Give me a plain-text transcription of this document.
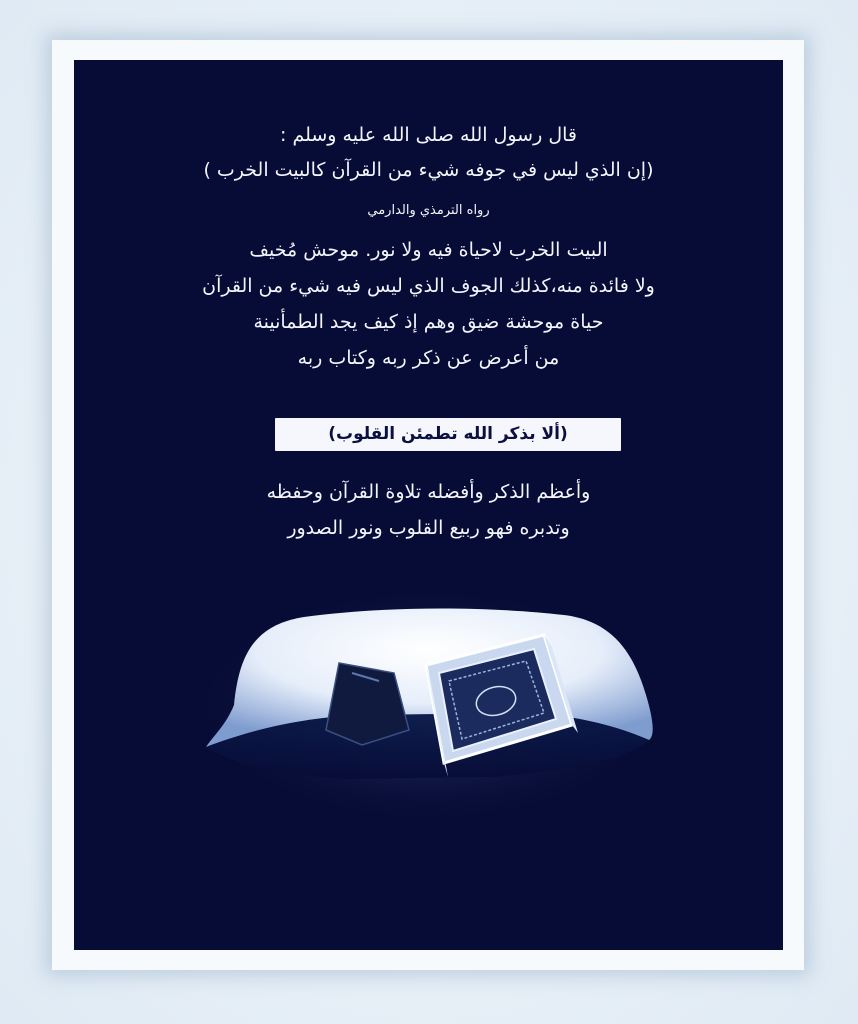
قال رسول الله صلى الله عليه وسلم :
(إن الذي ليس في جوفه شيء من القرآن كالبيت الخرب )
رواه الترمذي والدارمي
البيت الخرب لاحياة فيه ولا نور. موحش مُخيف
ولا فائدة منه،كذلك الجوف الذي ليس فيه شيء من القرآن
حياة موحشة ضيق وهم إذ كيف يجد الطمأنينة
من أعرض عن ذكر ربه وكتاب ربه
(ألا بذكر الله تطمئن القلوب)
وأعظم الذكر وأفضله تلاوة القرآن وحفظه
وتدبره فهو ربيع القلوب ونور الصدور
